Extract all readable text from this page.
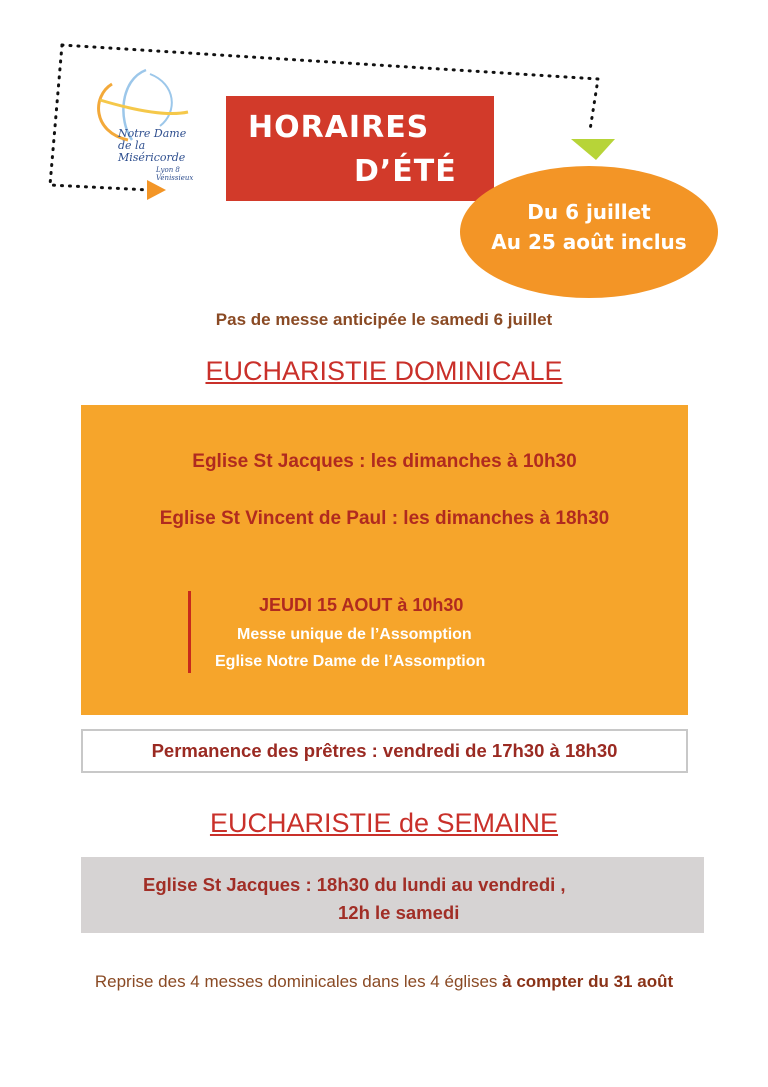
Notre Dame
de la Miséricorde
Lyon 8 Vénissieux
HORAIRES
D’ÉTÉ
Du 6 juillet
Au 25 août inclus
Pas de messe anticipée le samedi 6 juillet
EUCHARISTIE DOMINICALE
Eglise St Jacques : les dimanches à 10h30
Eglise St Vincent de Paul : les dimanches à 18h30
JEUDI 15 AOUT à 10h30
Messe unique de l’Assomption
Eglise Notre Dame de l’Assomption
Permanence des prêtres : vendredi de 17h30 à 18h30
EUCHARISTIE de SEMAINE
Eglise St Jacques : 18h30 du lundi au vendredi ,
12h le samedi
Reprise des 4 messes dominicales dans les 4 églises à compter du 31 août
